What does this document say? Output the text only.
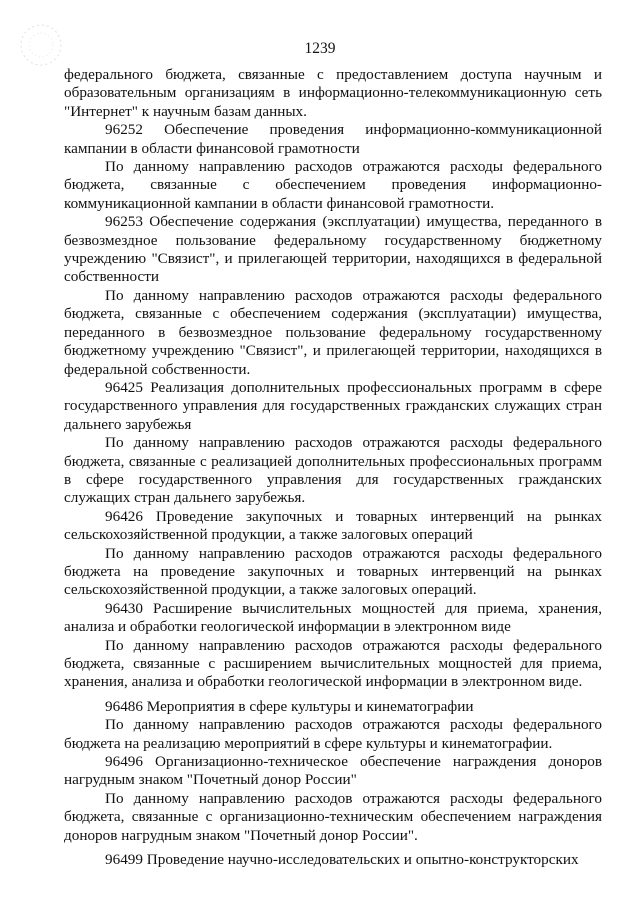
1239

федерального бюджета, связанные с предоставлением доступа научным и образовательным организациям в информационно-телекоммуникационную сеть "Интернет" к научным базам данных.

96252 Обеспечение проведения информационно-коммуникационной кампании в области финансовой грамотности

По данному направлению расходов отражаются расходы федерального бюджета, связанные с обеспечением проведения информационно-коммуникационной кампании в области финансовой грамотности.

96253 Обеспечение содержания (эксплуатации) имущества, переданного в безвозмездное пользование федеральному государственному бюджетному учреждению "Связист", и прилегающей территории, находящихся в федеральной собственности

По данному направлению расходов отражаются расходы федерального бюджета, связанные с обеспечением содержания (эксплуатации) имущества, переданного в безвозмездное пользование федеральному государственному бюджетному учреждению "Связист", и прилегающей территории, находящихся в федеральной собственности.

96425 Реализация дополнительных профессиональных программ в сфере государственного управления для государственных гражданских служащих стран дальнего зарубежья

По данному направлению расходов отражаются расходы федерального бюджета, связанные с реализацией дополнительных профессиональных программ в сфере государственного управления для государственных гражданских служащих стран дальнего зарубежья.

96426 Проведение закупочных и товарных интервенций на рынках сельскохозяйственной продукции, а также залоговых операций

По данному направлению расходов отражаются расходы федерального бюджета на проведение закупочных и товарных интервенций на рынках сельскохозяйственной продукции, а также залоговых операций.

96430 Расширение вычислительных мощностей для приема, хранения, анализа и обработки геологической информации в электронном виде

По данному направлению расходов отражаются расходы федерального бюджета, связанные с расширением вычислительных мощностей для приема, хранения, анализа и обработки геологической информации в электронном виде.

96486 Мероприятия в сфере культуры и кинематографии

По данному направлению расходов отражаются расходы федерального бюджета на реализацию мероприятий в сфере культуры и кинематографии.

96496 Организационно-техническое обеспечение награждения доноров нагрудным знаком "Почетный донор России"

По данному направлению расходов отражаются расходы федерального бюджета, связанные с организационно-техническим обеспечением награждения доноров нагрудным знаком "Почетный донор России".

96499 Проведение научно-исследовательских и опытно-конструкторских
